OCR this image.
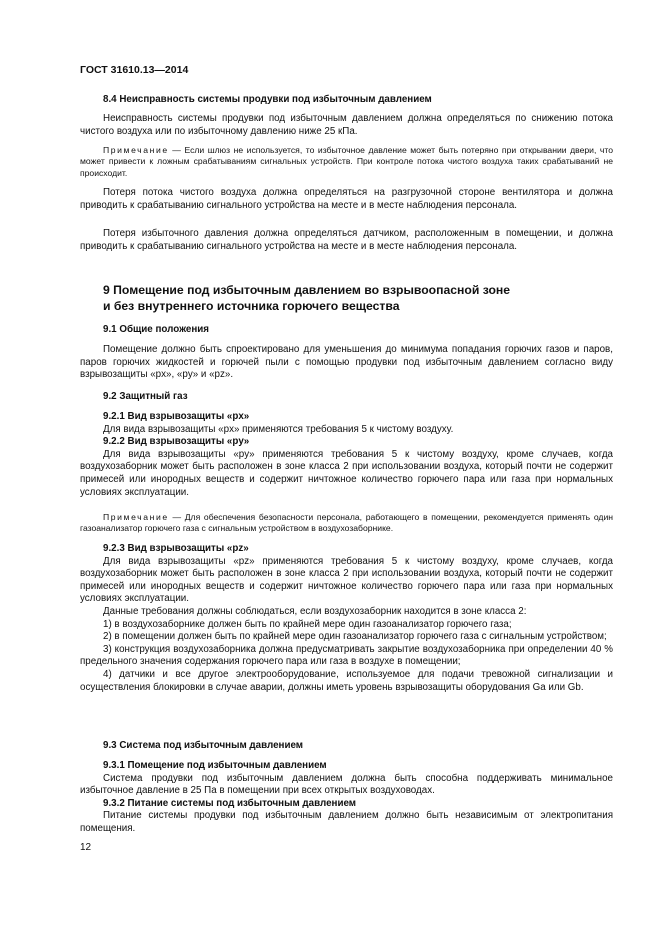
ГОСТ 31610.13—2014

8.4 Неисправность системы продувки под избыточным давлением

Неисправность системы продувки под избыточным давлением должна определяться по снижению потока чистого воздуха или по избыточному давлению ниже 25 кПа.

Примечание — Если шлюз не используется, то избыточное давление может быть потеряно при открывании двери, что может привести к ложным срабатываниям сигнальных устройств. При контроле потока чистого воздуха таких срабатываний не происходит.

Потеря потока чистого воздуха должна определяться на разгрузочной стороне вентилятора и должна приводить к срабатыванию сигнального устройства на месте и в месте наблюдения персонала.

Потеря избыточного давления должна определяться датчиком, расположенным в помещении, и должна приводить к срабатыванию сигнального устройства на месте и в месте наблюдения персонала.

9 Помещение под избыточным давлением во взрывоопасной зоне

и без внутреннего источника горючего вещества

9.1 Общие положения

Помещение должно быть спроектировано для уменьшения до минимума попадания горючих газов и паров, паров горючих жидкостей и горючей пыли с помощью продувки под избыточным давлением согласно виду взрывозащиты «px», «py» и «pz».

9.2 Защитный газ

9.2.1 Вид взрывозащиты «px»

Для вида взрывозащиты «px» применяются требования 5 к чистому воздуху.

9.2.2 Вид взрывозащиты «py»

Для вида взрывозащиты «py» применяются требования 5 к чистому воздуху, кроме случаев, когда воздухозаборник может быть расположен в зоне класса 2 при использовании воздуха, который почти не содержит примесей или инородных веществ и содержит ничтожное количество горючего пара или газа при нормальных условиях эксплуатации.

Примечание — Для обеспечения безопасности персонала, работающего в помещении, рекомендуется применять один газоанализатор горючего газа с сигнальным устройством в воздухозаборнике.

9.2.3 Вид взрывозащиты «pz»

Для вида взрывозащиты «pz» применяются требования 5 к чистому воздуху, кроме случаев, когда воздухозаборник может быть расположен в зоне класса 2 при использовании воздуха, который почти не содержит примесей или инородных веществ и содержит ничтожное количество горючего пара или газа при нормальных условиях эксплуатации.

Данные требования должны соблюдаться, если воздухозаборник находится в зоне класса 2:

1) в воздухозаборнике должен быть по крайней мере один газоанализатор горючего газа;

2) в помещении должен быть по крайней мере один газоанализатор горючего газа с сигнальным устройством;

3) конструкция воздухозаборника должна предусматривать закрытие воздухозаборника при определении 40 % предельного значения содержания горючего пара или газа в воздухе в помещении;

4) датчики и все другое электрооборудование, используемое для подачи тревожной сигнализации и осуществления блокировки в случае аварии, должны иметь уровень взрывозащиты оборудования Ga или Gb.

9.3 Система под избыточным давлением

9.3.1 Помещение под избыточным давлением

Система продувки под избыточным давлением должна быть способна поддерживать минимальное избыточное давление в 25 Па в помещении при всех открытых воздуховодах.

9.3.2 Питание системы под избыточным давлением

Питание системы продувки под избыточным давлением должно быть независимым от электропитания помещения.

12
